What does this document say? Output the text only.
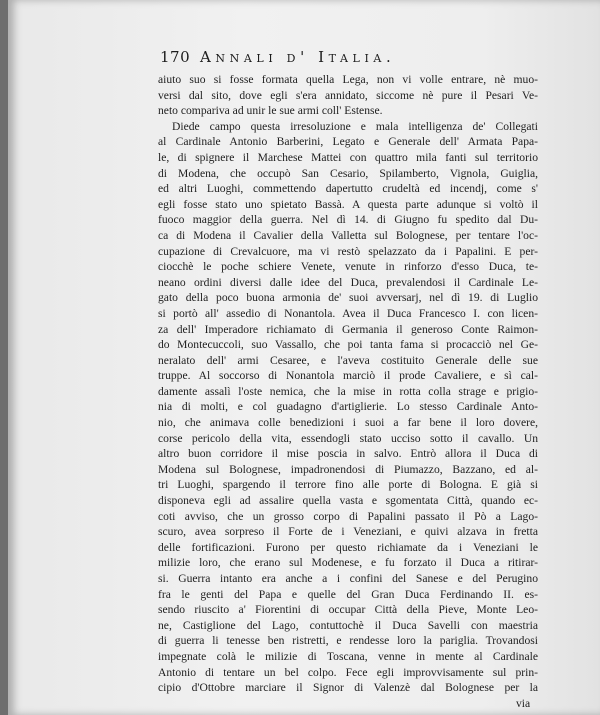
170 Annali d' Italia.
aiuto suo si fosse formata quella Lega, non vi volle entrare, nè muo-
versi dal sito, dove egli s'era annidato, siccome nè pure il Pesari Ve-
neto compariva ad unir le sue armi coll' Estense.
Diede campo questa irresoluzione e mala intelligenza de' Collegati
al Cardinale Antonio Barberini, Legato e Generale dell' Armata Papa-
le, di spignere il Marchese Mattei con quattro mila fanti sul territorio
di Modena, che occupò San Cesario, Spilamberto, Vignola, Guiglia,
ed altri Luoghi, commettendo dapertutto crudeltà ed incendj, come s'
egli fosse stato uno spietato Bassà. A questa parte adunque si voltò il
fuoco maggior della guerra. Nel dì 14. di Giugno fu spedito dal Du-
ca di Modena il Cavalier della Valletta sul Bolognese, per tentare l'oc-
cupazione di Crevalcuore, ma vi restò spelazzato da i Papalini. E per-
ciocchè le poche schiere Venete, venute in rinforzo d'esso Duca, te-
neano ordini diversi dalle idee del Duca, prevalendosi il Cardinale Le-
gato della poco buona armonia de' suoi avversarj, nel dì 19. di Luglio
si portò all' assedio di Nonantola. Avea il Duca Francesco I. con licen-
za dell' Imperadore richiamato di Germania il generoso Conte Raimon-
do Montecuccoli, suo Vassallo, che poi tanta fama si procacciò nel Ge-
neralato dell' armi Cesaree, e l'aveva costituito Generale delle sue
truppe. Al soccorso di Nonantola marciò il prode Cavaliere, e sì cal-
damente assalì l'oste nemica, che la mise in rotta colla strage e prigio-
nia di molti, e col guadagno d'artiglierie. Lo stesso Cardinale Anto-
nio, che animava colle benedizioni i suoi a far bene il loro dovere,
corse pericolo della vita, essendogli stato ucciso sotto il cavallo. Un
altro buon corridore il mise poscia in salvo. Entrò allora il Duca di
Modena sul Bolognese, impadronendosi di Piumazzo, Bazzano, ed al-
tri Luoghi, spargendo il terrore fino alle porte di Bologna. E già si
disponeva egli ad assalire quella vasta e sgomentata Città, quando ec-
coti avviso, che un grosso corpo di Papalini passato il Pò a Lago-
scuro, avea sorpreso il Forte de i Veneziani, e quivi alzava in fretta
delle fortificazioni. Furono per questo richiamate da i Veneziani le
milizie loro, che erano sul Modenese, e fu forzato il Duca a ritirar-
si. Guerra intanto era anche a i confini del Sanese e del Perugino
fra le genti del Papa e quelle del Gran Duca Ferdinando II. es-
sendo riuscito a' Fiorentini di occupar Città della Pieve, Monte Leo-
ne, Castiglione del Lago, contuttochè il Duca Savelli con maestria
di guerra li tenesse ben ristretti, e rendesse loro la pariglia. Trovandosi
impegnate colà le milizie di Toscana, venne in mente al Cardinale
Antonio di tentare un bel colpo. Fece egli improvvisamente sul prin-
cipio d'Ottobre marciare il Signor di Valenzè dal Bolognese per la
via
